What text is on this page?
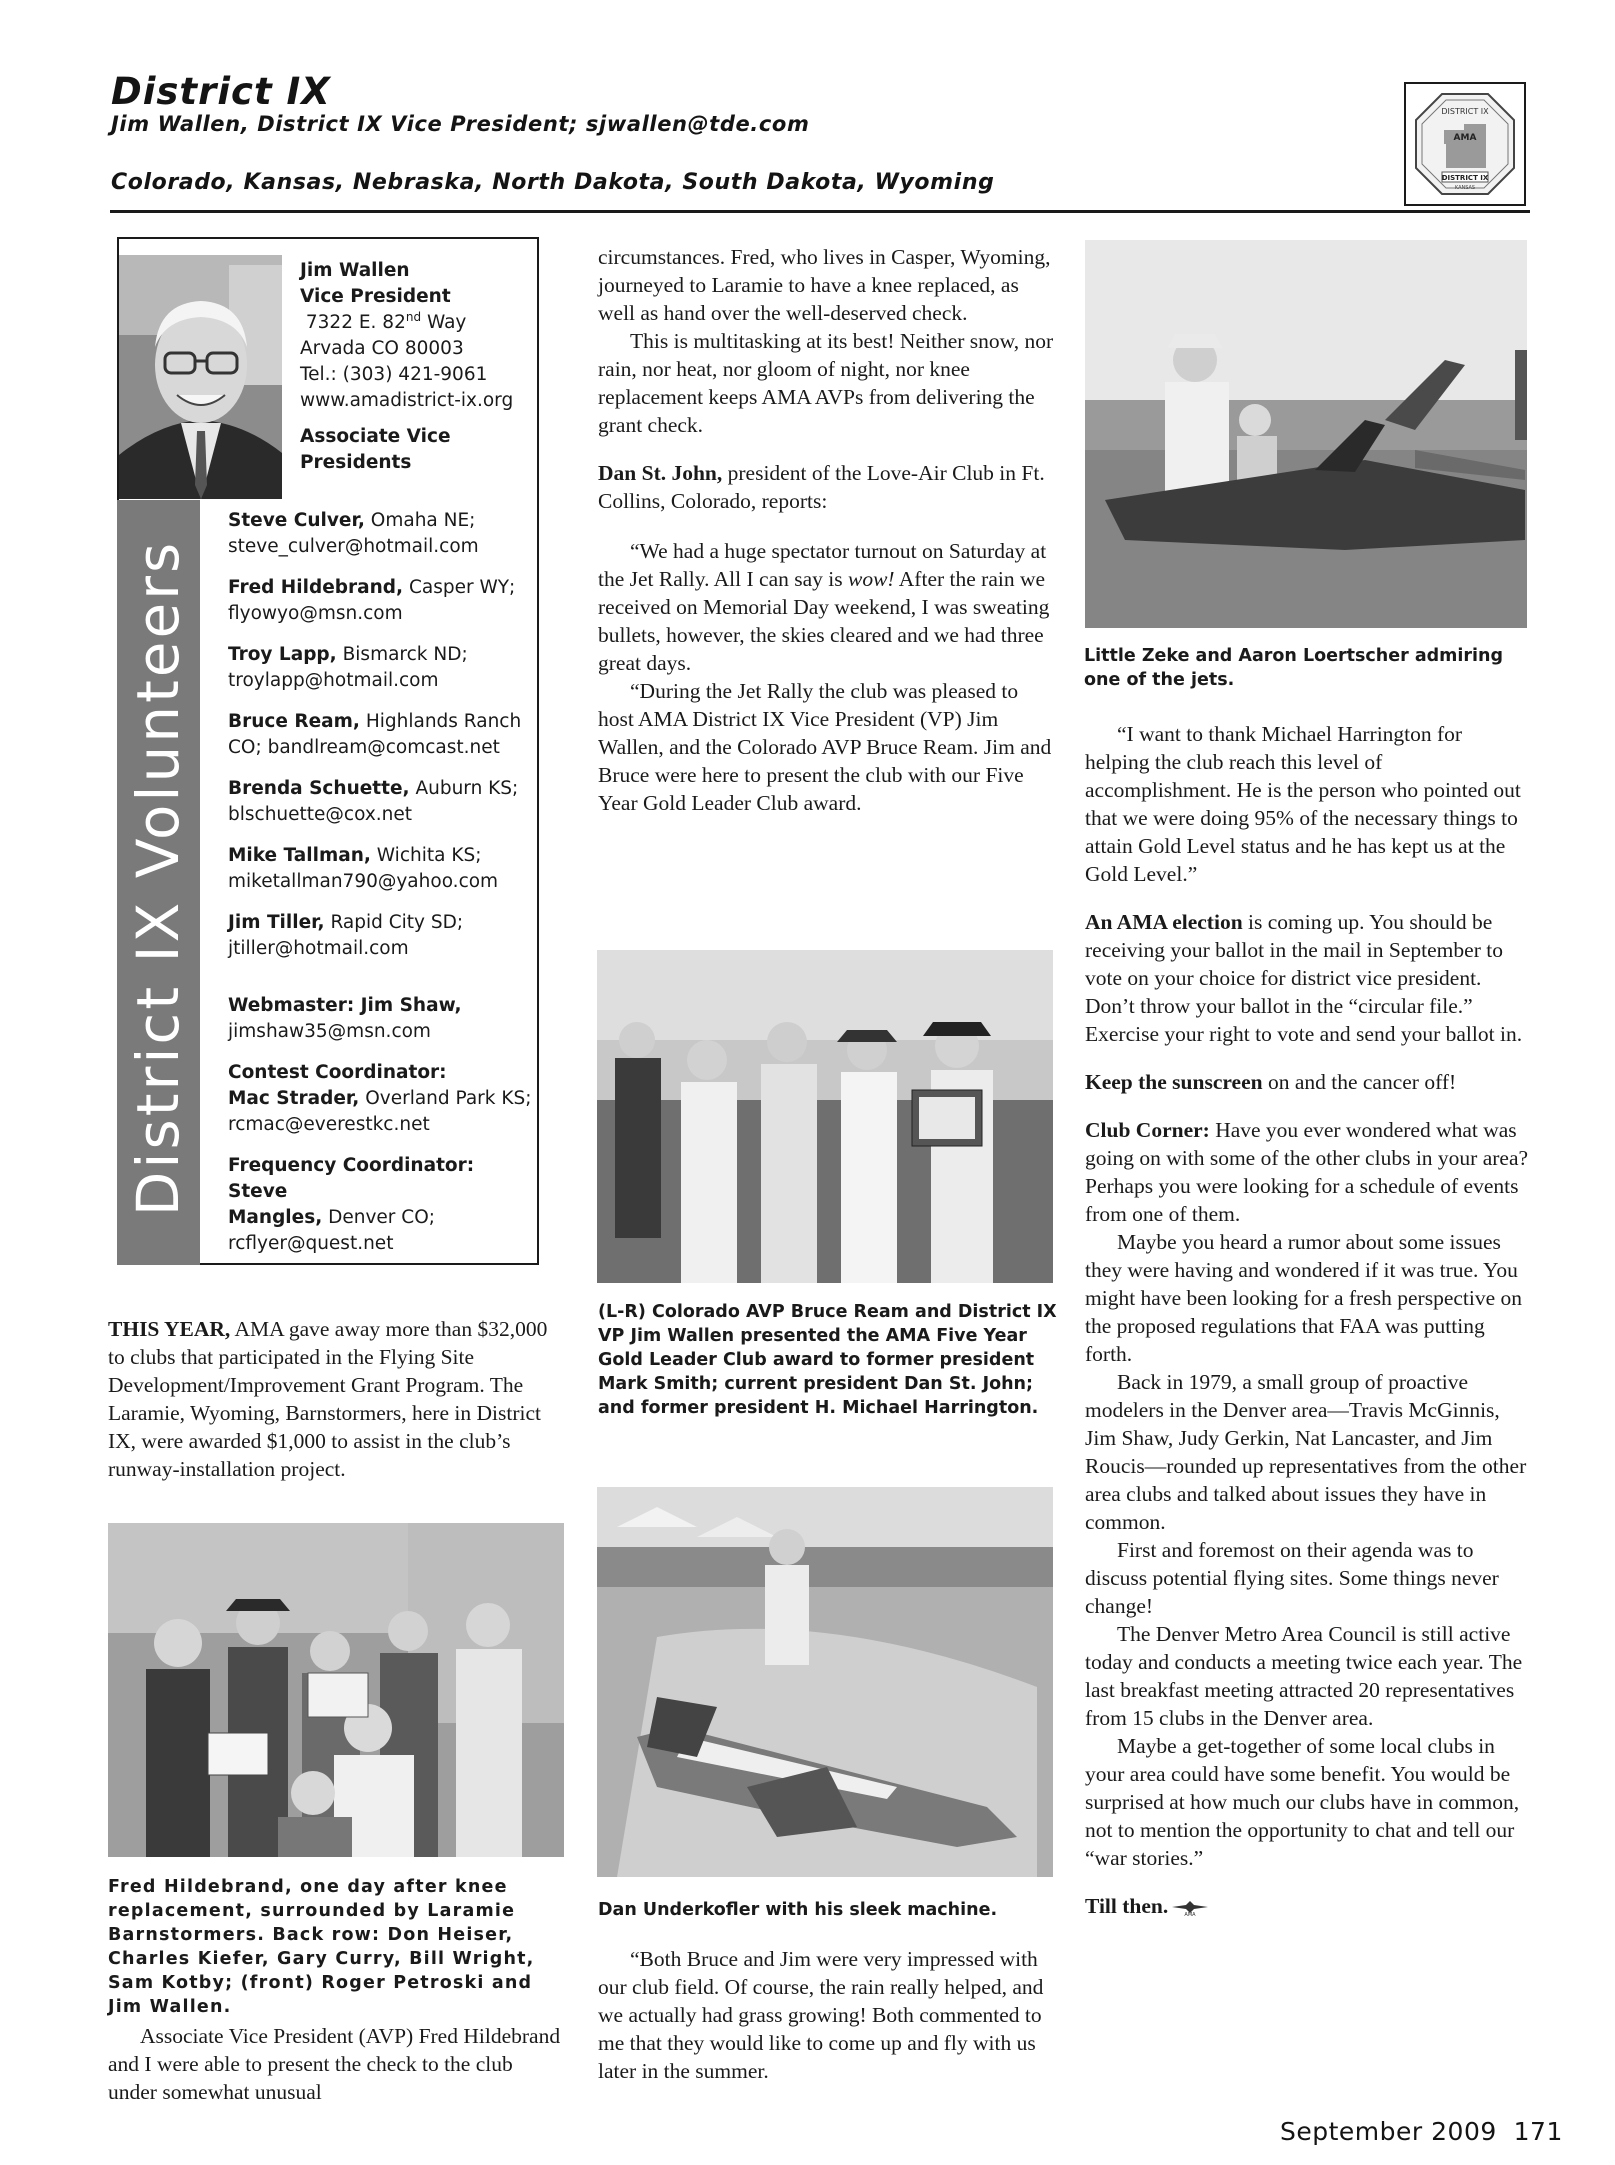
District IX
Jim Wallen, District IX Vice President; sjwallen@tde.com
Colorado, Kansas, Nebraska, North Dakota, South Dakota, Wyoming
DISTRICT IX
AMA
DISTRICT IX
KANSAS
District IX Volunteers
Jim Wallen
Vice President
7322 E. 82nd Way
Arvada CO 80003
Tel.: (303) 421-9061
www.amadistrict-ix.org
Associate Vice
Presidents
Steve Culver, Omaha NE;
steve_culver@hotmail.com
Fred Hildebrand, Casper WY;
flyowyo@msn.com
Troy Lapp, Bismarck ND;
troylapp@hotmail.com
Bruce Ream, Highlands Ranch
CO; bandlream@comcast.net
Brenda Schuette, Auburn KS;
blschuette@cox.net
Mike Tallman, Wichita KS;
miketallman790@yahoo.com
Jim Tiller, Rapid City SD;
jtiller@hotmail.com
Webmaster: Jim Shaw,
jimshaw35@msn.com
Contest Coordinator:
Mac Strader, Overland Park KS;
rcmac@everestkc.net
Frequency Coordinator: Steve
Mangles, Denver CO;
rcflyer@quest.net

THIS YEAR, AMA gave away more than $32,000 to clubs that participated in the Flying Site Development/Improvement Grant Program. The Laramie, Wyoming, Barnstormers, here in District IX, were awarded $1,000 to assist in the club’s runway-installation project.

Fred Hildebrand, one day after knee replacement, surrounded by Laramie Barnstormers. Back row: Don Heiser, Charles Kiefer, Gary Curry, Bill Wright, Sam Kotby; (front) Roger Petroski and Jim Wallen.

Associate Vice President (AVP) Fred Hildebrand and I were able to present the check to the club under somewhat unusual

circumstances. Fred, who lives in Casper, Wyoming, journeyed to Laramie to have a knee replaced, as well as hand over the well-deserved check.

This is multitasking at its best! Neither snow, nor rain, nor heat, nor gloom of night, nor knee replacement keeps AMA AVPs from delivering the grant check.

Dan St. John, president of the Love-Air Club in Ft. Collins, Colorado, reports:

“We had a huge spectator turnout on Saturday at the Jet Rally. All I can say is wow! After the rain we received on Memorial Day weekend, I was sweating bullets, however, the skies cleared and we had three great days.

“During the Jet Rally the club was pleased to host AMA District IX Vice President (VP) Jim Wallen, and the Colorado AVP Bruce Ream. Jim and Bruce were here to present the club with our Five Year Gold Leader Club award.

(L-R) Colorado AVP Bruce Ream and District IX VP Jim Wallen presented the AMA Five Year Gold Leader Club award to former president Mark Smith; current president Dan St. John; and former president H. Michael Harrington.
Dan Underkofler with his sleek machine.

“Both Bruce and Jim were very impressed with our club field. Of course, the rain really helped, and we actually had grass growing! Both commented to me that they would like to come up and fly with us later in the summer.

Little Zeke and Aaron Loertscher admiring one of the jets.

“I want to thank Michael Harrington for helping the club reach this level of accomplishment. He is the person who pointed out that we were doing 95% of the necessary things to attain Gold Level status and he has kept us at the Gold Level.”

An AMA election is coming up. You should be receiving your ballot in the mail in September to vote on your choice for district vice president. Don’t throw your ballot in the “circular file.” Exercise your right to vote and send your ballot in.

Keep the sunscreen on and the cancer off!

Club Corner: Have you ever wondered what was going on with some of the other clubs in your area? Perhaps you were looking for a schedule of events from one of them.

Maybe you heard a rumor about some issues they were having and wondered if it was true. You might have been looking for a fresh perspective on the proposed regulations that FAA was putting forth.

Back in 1979, a small group of proactive modelers in the Denver area—Travis McGinnis, Jim Shaw, Judy Gerkin, Nat Lancaster, and Jim Roucis—rounded up representatives from the other area clubs and talked about issues they have in common.

First and foremost on their agenda was to discuss potential flying sites. Some things never change!

The Denver Metro Area Council is still active today and conducts a meeting twice each year. The last breakfast meeting attracted 20 representatives from 15 clubs in the Denver area.

Maybe a get-together of some local clubs in your area could have some benefit. You would be surprised at how much our clubs have in common, not to mention the opportunity to chat and tell our “war stories.”

Till then.	AMA

September 2009  171
